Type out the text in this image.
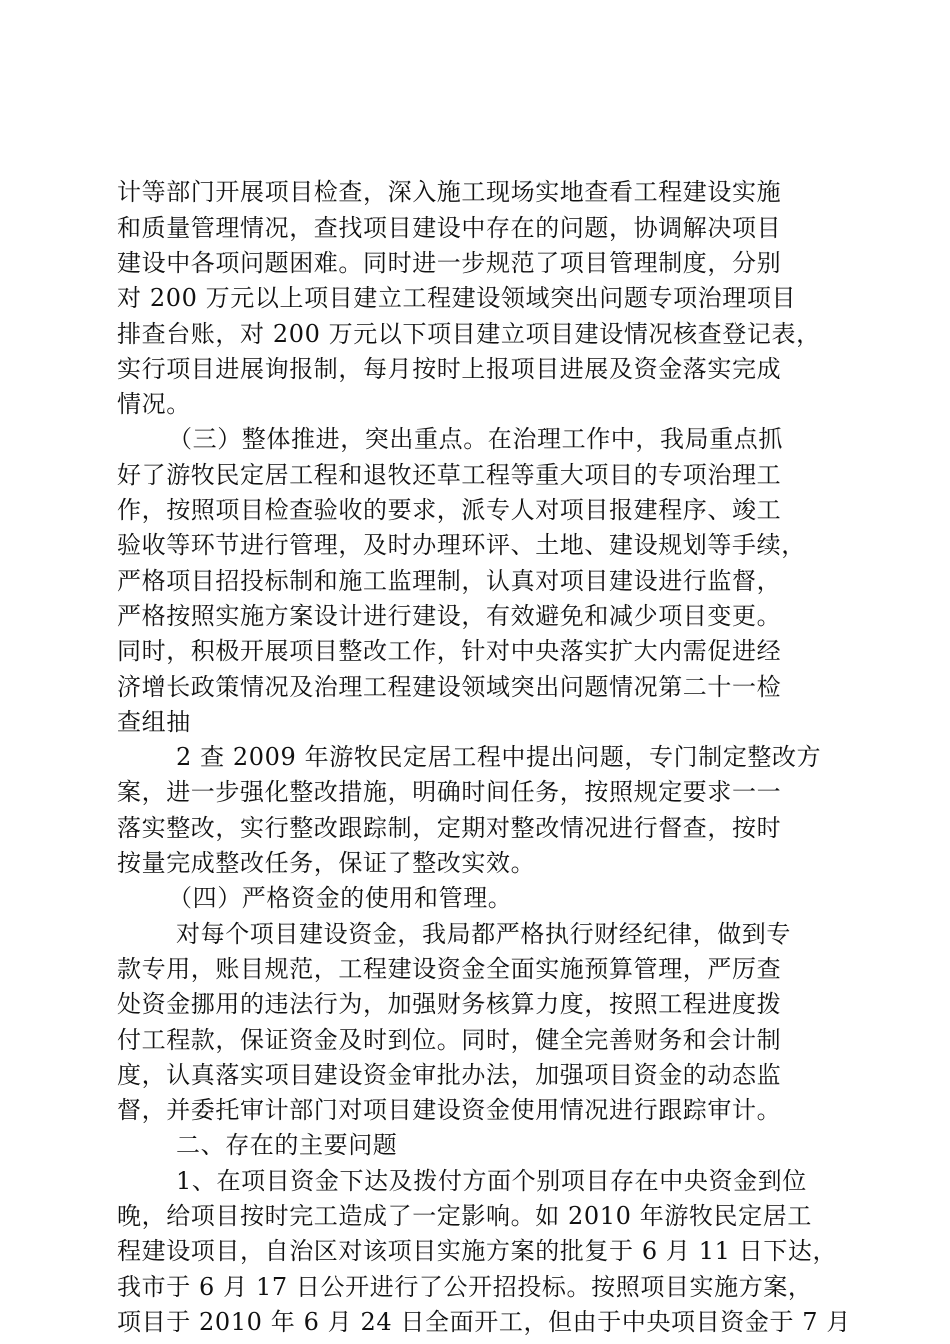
计等部门开展项目检查，深入施工现场实地查看工程建设实施
和质量管理情况，查找项目建设中存在的问题，协调解决项目
建设中各项问题困难。同时进一步规范了项目管理制度，分别
对 200 万元以上项目建立工程建设领域突出问题专项治理项目
排查台账，对 200 万元以下项目建立项目建设情况核查登记表，
实行项目进展询报制，每月按时上报项目进展及资金落实完成
情况。
（三）整体推进，突出重点。在治理工作中，我局重点抓
好了游牧民定居工程和退牧还草工程等重大项目的专项治理工
作，按照项目检查验收的要求，派专人对项目报建程序、竣工
验收等环节进行管理，及时办理环评、土地、建设规划等手续，
严格项目招投标制和施工监理制，认真对项目建设进行监督，
严格按照实施方案设计进行建设，有效避免和减少项目变更。
同时，积极开展项目整改工作，针对中央落实扩大内需促进经
济增长政策情况及治理工程建设领域突出问题情况第二十一检
查组抽
2 查 2009 年游牧民定居工程中提出问题，专门制定整改方
案，进一步强化整改措施，明确时间任务，按照规定要求一一
落实整改，实行整改跟踪制，定期对整改情况进行督查，按时
按量完成整改任务，保证了整改实效。
（四）严格资金的使用和管理。
对每个项目建设资金，我局都严格执行财经纪律，做到专
款专用，账目规范，工程建设资金全面实施预算管理，严厉查
处资金挪用的违法行为，加强财务核算力度，按照工程进度拨
付工程款，保证资金及时到位。同时，健全完善财务和会计制
度，认真落实项目建设资金审批办法，加强项目资金的动态监
督，并委托审计部门对项目建设资金使用情况进行跟踪审计。
二、存在的主要问题
1、在项目资金下达及拨付方面个别项目存在中央资金到位
晚，给项目按时完工造成了一定影响。如 2010 年游牧民定居工
程建设项目，自治区对该项目实施方案的批复于 6 月 11 日下达，
我市于 6 月 17 日公开进行了公开招投标。按照项目实施方案，
项目于 2010 年 6 月 24 日全面开工，但由于中央项目资金于 7 月
